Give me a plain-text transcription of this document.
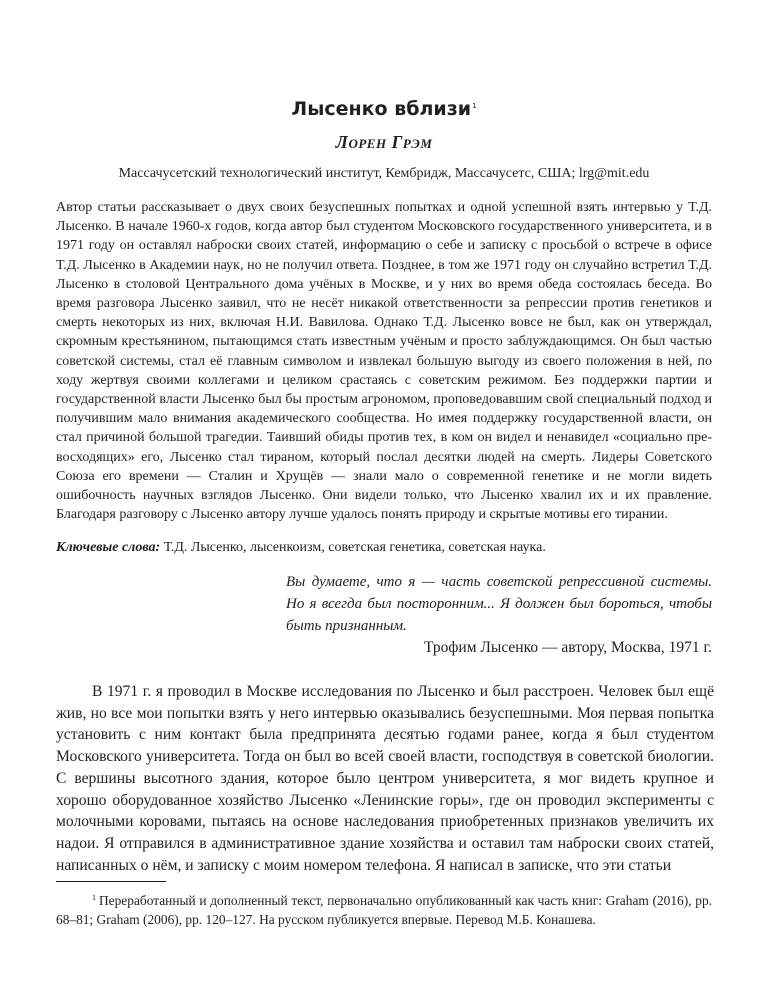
Лысенко вблизи$^1$
Лорен Грэм
Массачусетский технологический институт, Кембридж, Массачусетс, США; lrg@mit.edu

Автор статьи рассказывает о двух своих безуспешных попытках и одной успешной взять интервью у Т.Д. Лысенко. В начале 1960-х годов, когда автор был студентом Московского государственного университета, и в 1971 году он оставлял наброски своих статей, информацию о себе и записку с просьбой о встрече в офисе Т.Д. Лысенко в Академии наук, но не получил ответа. Позднее, в том же 1971 году он случайно встретил Т.Д. Лысенко в столовой Центрального дома учёных в Москве, и у них во время обеда состоялась беседа. Во время разговора Лысенко заявил, что не несёт никакой ответственности за репрессии против генетиков и смерть некоторых из них, включая Н.И. Вавилова. Однако Т.Д. Лысенко вовсе не был, как он утверждал, скромным крестьянином, пытающимся стать известным учёным и просто заблуждающимся. Он был частью советской системы, стал её главным символом и извлекал большую выгоду из своего положения в ней, по ходу жертвуя своими коллегами и целиком срастаясь с советским режимом. Без поддержки партии и государственной власти Лысенко был бы простым агрономом, проповедовавшим свой специальный подход и получившим мало внимания академического сообщества. Но имея поддержку государственной власти, он стал причиной большой трагедии. Таивший обиды против тех, в ком он видел и ненавидел «социально превосходящих» его, Лысенко стал тираном, который послал десятки людей на смерть. Лидеры Советского Союза его времени — Сталин и Хрущёв — знали мало о современной генетике и не могли видеть ошибочность научных взглядов Лысенко. Они видели только, что Лысенко хвалил их и их правление. Благодаря разговору с Лысенко автору лучше удалось понять природу и скрытые мотивы его тирании.

Ключевые слова: Т.Д. Лысенко, лысенкоизм, советская генетика, советская наука.

Вы думаете, что я — часть советской репрессивной системы. Но я всегда был посторонним... Я должен был бороться, чтобы быть признанным.
Трофим Лысенко — автору, Москва, 1971 г.

В 1971 г. я проводил в Москве исследования по Лысенко и был расстроен. Человек был ещё жив, но все мои попытки взять у него интервью оказывались безуспешными. Моя первая попытка установить с ним контакт была предпринята десятью годами ранее, когда я был студентом Московского университета. Тогда он был во всей своей власти, господствуя в советской биологии. С вершины высотного здания, которое было центром университета, я мог видеть крупное и хорошо оборудованное хозяйство Лысенко «Ленинские горы», где он проводил эксперименты с молочными коровами, пытаясь на основе наследования приобретенных признаков увеличить их надои. Я отправился в административное здание хозяйства и оставил там наброски своих статей, написанных о нём, и записку с моим номером телефона. Я написал в записке, что эти статьи

$^1$ Переработанный и дополненный текст, первоначально опубликованный как часть книг: Graham (2016), pp. 68–81; Graham (2006), pp. 120–127. На русском публикуется впервые. Перевод М.Б. Конашева.
